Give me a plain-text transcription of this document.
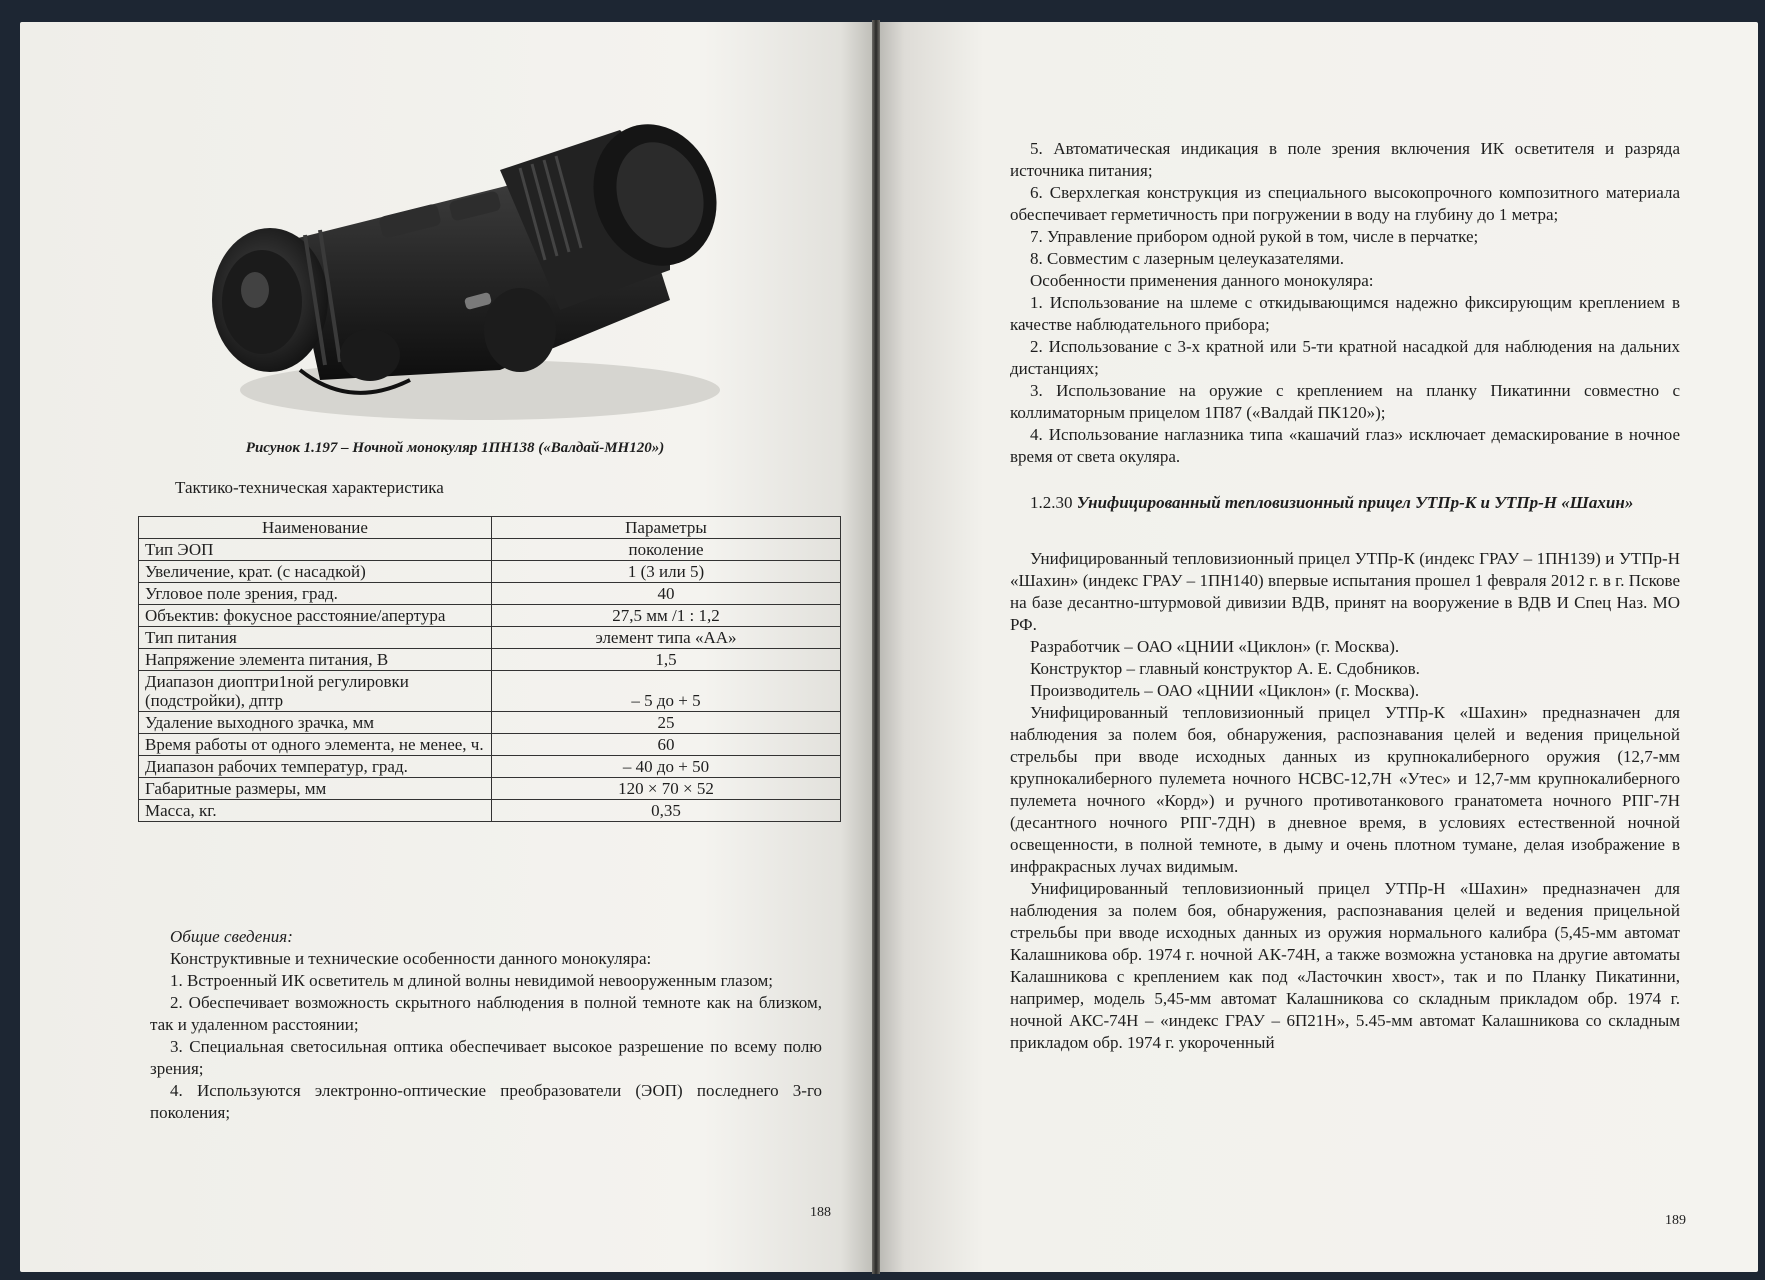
Рисунок 1.197 – Ночной монокуляр 1ПН138 («Валдай-МН120»)
Тактико-техническая характеристика
Наименование	Параметры
Тип ЭОП	поколение
Увеличение, крат. (с насадкой)	1 (3 или 5)
Угловое поле зрения, град.	40
Объектив: фокусное расстояние/апертура	27,5 мм /1 : 1,2
Тип питания	элемент типа «АА»
Напряжение элемента питания, В	1,5
Диапазон диоптри1ной регулировки (подстройки), дптр	– 5 до + 5
Удаление выходного зрачка, мм	25
Время работы от одного элемента, не менее, ч.	60
Диапазон рабочих температур, град.	– 40 до + 50
Габаритные размеры, мм	120 × 70 × 52
Масса, кг.	0,35

Общие сведения:

Конструктивные и технические особенности данного монокуляра:

1. Встроенный ИК осветитель м длиной волны невидимой невооруженным глазом;

2. Обеспечивает возможность скрытного наблюдения в полной темноте как на близком, так и удаленном расстоянии;

3. Специальная светосильная оптика обеспечивает высокое разрешение по всему полю зрения;

4. Используются электронно-оптические преобразователи (ЭОП) последнего 3-го поколения;

188

5. Автоматическая индикация в поле зрения включения ИК осветителя и разряда источника питания;

6. Сверхлегкая конструкция из специального высокопрочного композитного материала обеспечивает герметичность при погружении в воду на глубину до 1 метра;

7. Управление прибором одной рукой в том, числе в перчатке;

8. Совместим с лазерным целеуказателями.

Особенности применения данного монокуляра:

1. Использование на шлеме с откидывающимся надежно фиксирующим креплением в качестве наблюдательного прибора;

2. Использование с 3-х кратной или 5-ти кратной насадкой для наблюдения на дальних дистанциях;

3. Использование на оружие с креплением на планку Пикатинни совместно с коллиматорным прицелом 1П87 («Валдай ПК120»);

4. Использование наглазника типа «кашачий глаз» исключает демаскирование в ночное время от света окуляра.

1.2.30 Унифицированный тепловизионный прицел УТПр-К и УТПр-Н «Шахин»

Унифицированный тепловизионный прицел УТПр-К (индекс ГРАУ – 1ПН139) и УТПр-Н «Шахин» (индекс ГРАУ – 1ПН140) впервые испытания прошел 1 февраля 2012 г. в г. Пскове на базе десантно-штурмовой дивизии ВДВ, принят на вооружение в ВДВ И Спец Наз. МО РФ.

Разработчик – ОАО «ЦНИИ «Циклон» (г. Москва).

Конструктор – главный конструктор А. Е. Сдобников.

Производитель – ОАО «ЦНИИ «Циклон» (г. Москва).

Унифицированный тепловизионный прицел УТПр-К «Шахин» предназначен для наблюдения за полем боя, обнаружения, распознавания целей и ведения прицельной стрельбы при вводе исходных данных из крупнокалиберного оружия (12,7-мм крупнокалиберного пулемета ночного НСВС-12,7Н «Утес» и 12,7-мм крупнокалиберного пулемета ночного «Корд») и ручного противотанкового гранатомета ночного РПГ-7Н (десантного ночного РПГ-7ДН) в дневное время, в условиях естественной ночной освещенности, в полной темноте, в дыму и очень плотном тумане, делая изображение в инфракрасных лучах видимым.

Унифицированный тепловизионный прицел УТПр-Н «Шахин» предназначен для наблюдения за полем боя, обнаружения, распознавания целей и ведения прицельной стрельбы при вводе исходных данных из оружия нормального калибра (5,45-мм автомат Калашникова обр. 1974 г. ночной АК-74Н, а также возможна установка на другие автоматы Калашникова с креплением как под «Ласточкин хвост», так и по Планку Пикатинни, например, модель 5,45-мм автомат Калашникова со складным прикладом обр. 1974 г. ночной АКС-74Н – «индекс ГРАУ – 6П21Н», 5.45-мм автомат Калашникова со складным прикладом обр. 1974 г. укороченный

189
